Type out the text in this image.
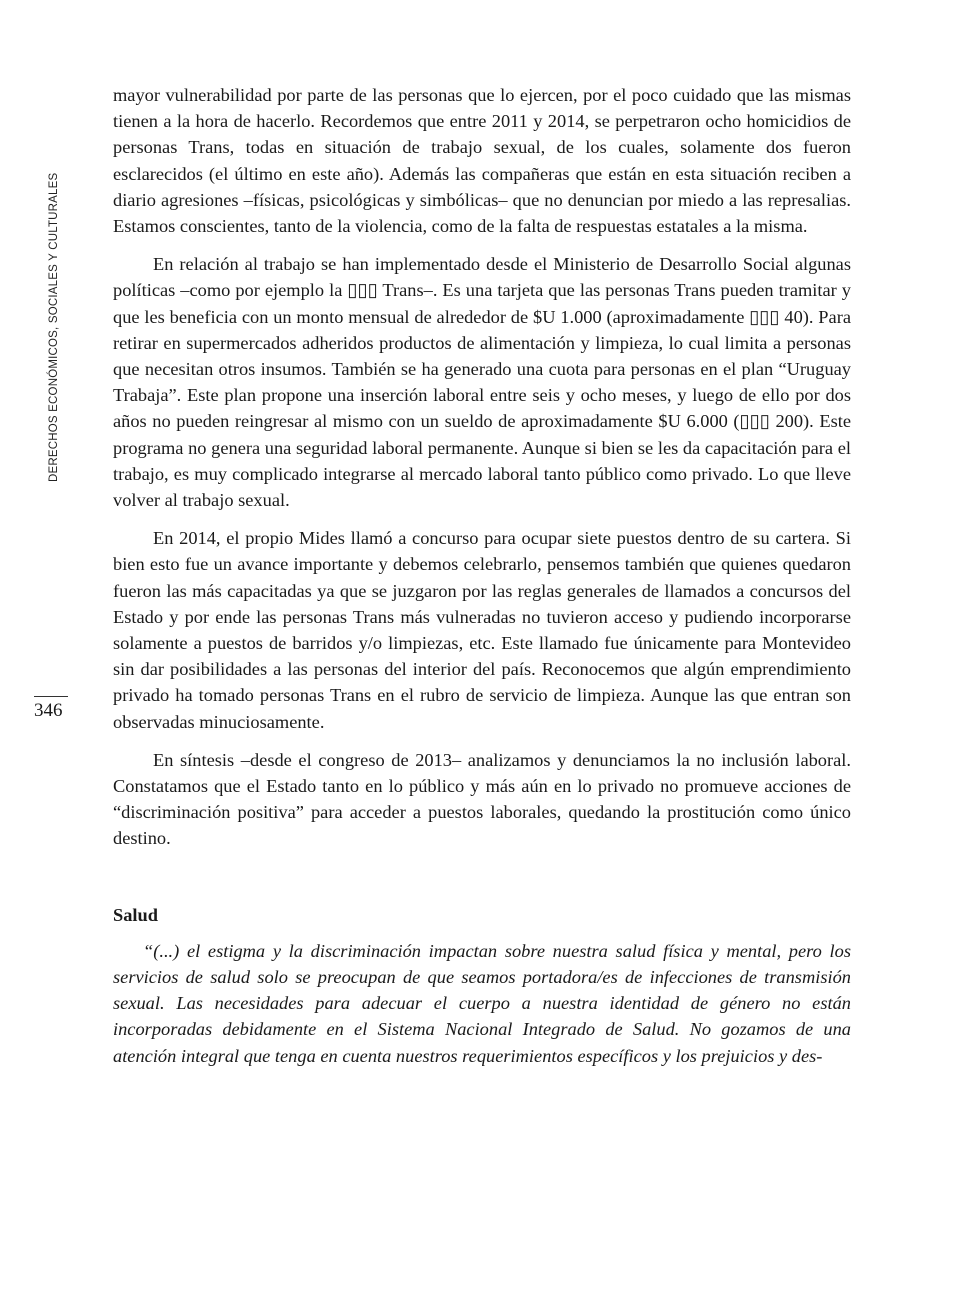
DERECHOS ECONÓMICOS, SOCIALES Y CULTURALES
346

mayor vulnerabilidad por parte de las personas que lo ejercen, por el poco cuidado que las mismas tienen a la hora de hacerlo. Recordemos que entre 2011 y 2014, se perpetraron ocho homicidios de personas Trans, todas en situación de trabajo sexual, de los cuales, solamente dos fueron esclarecidos (el último en este año). Además las compañeras que están en esta situación reciben a diario agresiones –físicas, psicológicas y simbólicas– que no denuncian por miedo a las represalias. Estamos conscientes, tanto de la violencia, como de la falta de respuestas estatales a la misma.

En relación al trabajo se han implementado desde el Ministerio de Desarrollo Social algunas políticas –como por ejemplo la ▯▯▯ Trans–. Es una tarjeta que las personas Trans pueden tramitar y que les beneficia con un monto mensual de alrededor de $U 1.000 (aproximadamente ▯▯▯ 40). Para retirar en supermercados adheridos productos de alimentación y limpieza, lo cual limita a personas que necesitan otros insumos. También se ha generado una cuota para personas en el plan “Uruguay Trabaja”. Este plan propone una inserción laboral entre seis y ocho meses, y luego de ello por dos años no pueden reingresar al mismo con un sueldo de aproximadamente $U 6.000 (▯▯▯ 200). Este programa no genera una seguridad laboral permanente. Aunque si bien se les da capacitación para el trabajo, es muy complicado integrarse al mercado laboral tanto público como privado. Lo que lleve volver al trabajo sexual.

En 2014, el propio Mides llamó a concurso para ocupar siete puestos dentro de su cartera. Si bien esto fue un avance importante y debemos celebrarlo, pensemos también que quienes quedaron fueron las más capacitadas ya que se juzgaron por las reglas generales de llamados a concursos del Estado y por ende las personas Trans más vulneradas no tuvieron acceso y pudiendo incorporarse solamente a puestos de barridos y/o limpiezas, etc. Este llamado fue únicamente para Montevideo sin dar posibilidades a las personas del interior del país. Reconocemos que algún emprendimiento privado ha tomado personas Trans en el rubro de servicio de limpieza. Aunque las que entran son observadas minuciosamente.

En síntesis –desde el congreso de 2013– analizamos y denunciamos la no inclusión laboral. Constatamos que el Estado tanto en lo público y más aún en lo privado no promueve acciones de “discriminación positiva” para acceder a puestos laborales, quedando la prostitución como único destino.

Salud

“(...) el estigma y la discriminación impactan sobre nuestra salud física y mental, pero los servicios de salud solo se preocupan de que seamos portadora/es de infecciones de transmisión sexual. Las necesidades para adecuar el cuerpo a nuestra identidad de género no están incorporadas debidamente en el Sistema Nacional Integrado de Salud. No gozamos de una atención integral que tenga en cuenta nuestros requerimientos específicos y los prejuicios y des-
